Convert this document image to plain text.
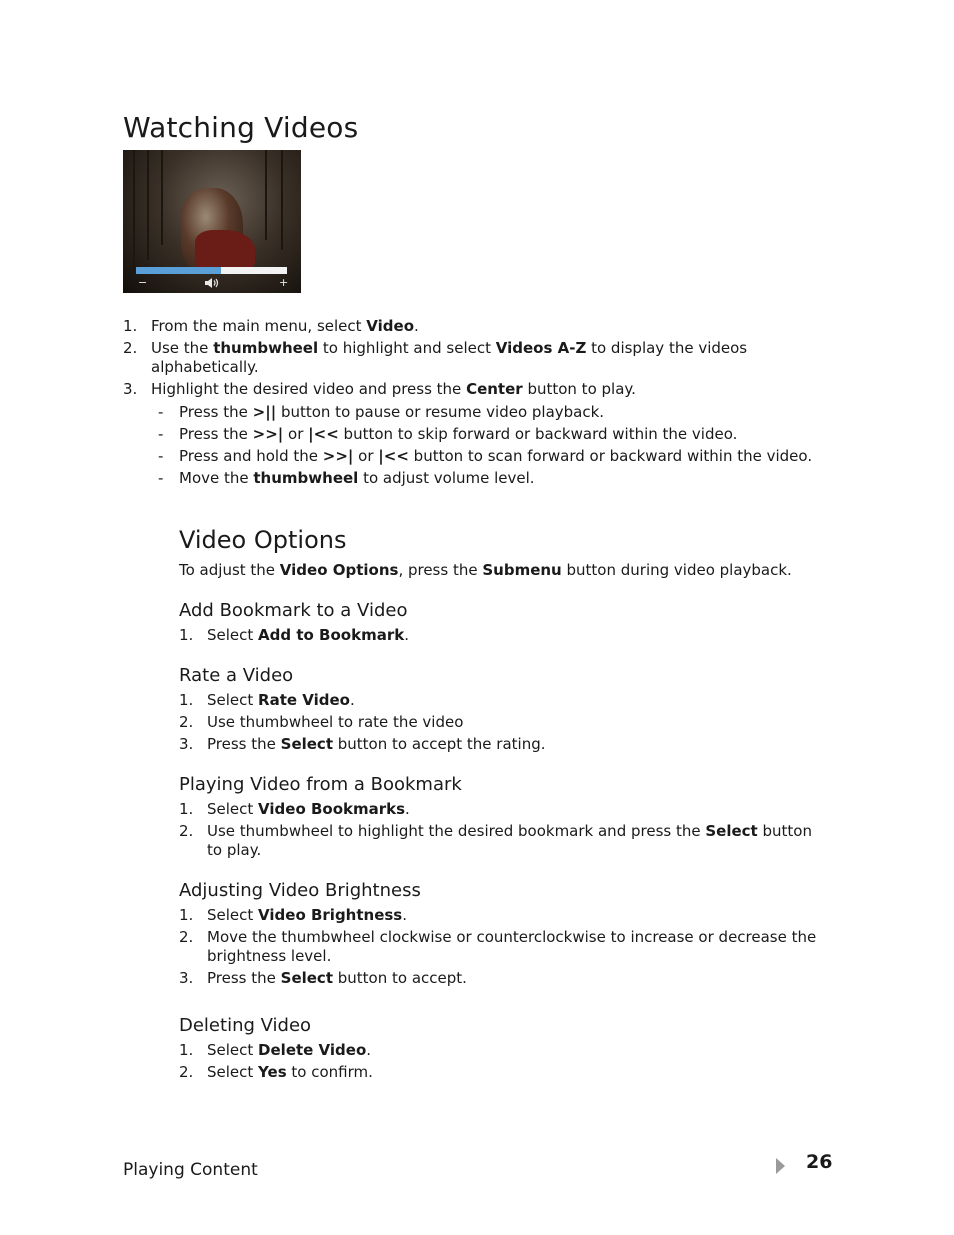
Watching Videos
−	+
1. From the main menu, select Video.
2. Use the thumbwheel to highlight and select Videos A-Z to display the videos alphabetically.
3. Highlight the desired video and press the Center button to play.
- Press the >|| button to pause or resume video playback.
- Press the >>| or |<< button to skip forward or backward within the video.
- Press and hold the >>| or |<< button to scan forward or backward within the video.
- Move the thumbwheel to adjust volume level.
Video Options

To adjust the Video Options, press the Submenu button during video playback.

Add Bookmark to a Video
1. Select Add to Bookmark.
Rate a Video
1. Select Rate Video.
2. Use thumbwheel to rate the video
3. Press the Select button to accept the rating.
Playing Video from a Bookmark
1. Select Video Bookmarks.
2. Use thumbwheel to highlight the desired bookmark and press the Select button to play.
Adjusting Video Brightness
1. Select Video Brightness.
2. Move the thumbwheel clockwise or counterclockwise to increase or decrease the brightness level.
3. Press the Select button to accept.
Deleting Video
1. Select Delete Video.
2. Select Yes to confirm.

Playing Content	26
